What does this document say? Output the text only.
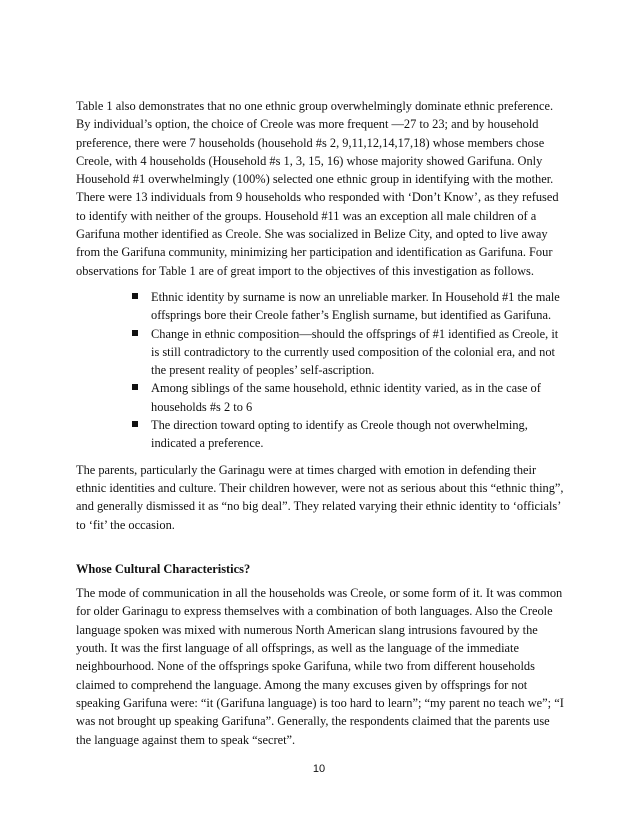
Table 1 also demonstrates that no one ethnic group overwhelmingly dominate ethnic preference. By individual’s option, the choice of Creole was more frequent —27 to 23; and by household preference, there were 7 households (household #s 2, 9,11,12,14,17,18) whose members chose Creole, with 4 households (Household #s 1, 3, 15, 16) whose majority showed Garifuna. Only Household #1 overwhelmingly (100%) selected one ethnic group in identifying with the mother. There were 13 individuals from 9 households who responded with ‘Don’t Know’, as they refused to identify with neither of the groups. Household #11 was an exception all male children of a Garifuna mother identified as Creole. She was socialized in Belize City, and opted to live away from the Garifuna community, minimizing her participation and identification as Garifuna. Four observations for Table 1 are of great import to the objectives of this investigation as follows.

Ethnic identity by surname is now an unreliable marker. In Household #1 the male offsprings bore their Creole father’s English surname, but identified as Garifuna.
Change in ethnic composition—should the offsprings of #1 identified as Creole, it is still contradictory to the currently used composition of the colonial era, and not the present reality of peoples’ self-ascription.
Among siblings of the same household, ethnic identity varied, as in the case of households #s 2 to 6
The direction toward opting to identify as Creole though not overwhelming, indicated a preference.

The parents, particularly the Garinagu were at times charged with emotion in defending their ethnic identities and culture. Their children however, were not as serious about this “ethnic thing”, and generally dismissed it as “no big deal”. They related varying their ethnic identity to ‘officials’ to ‘fit’ the occasion.

Whose Cultural Characteristics?

The mode of communication in all the households was Creole, or some form of it. It was common for older Garinagu to express themselves with a combination of both languages. Also the Creole language spoken was mixed with numerous North American slang intrusions favoured by the youth. It was the first language of all offsprings, as well as the language of the immediate neighbourhood. None of the offsprings spoke Garifuna, while two from different households claimed to comprehend the language. Among the many excuses given by offsprings for not speaking Garifuna were: “it (Garifuna language) is too hard to learn”; “my parent no teach we”; “I was not brought up speaking Garifuna”. Generally, the respondents claimed that the parents use the language against them to speak “secret”.

10
